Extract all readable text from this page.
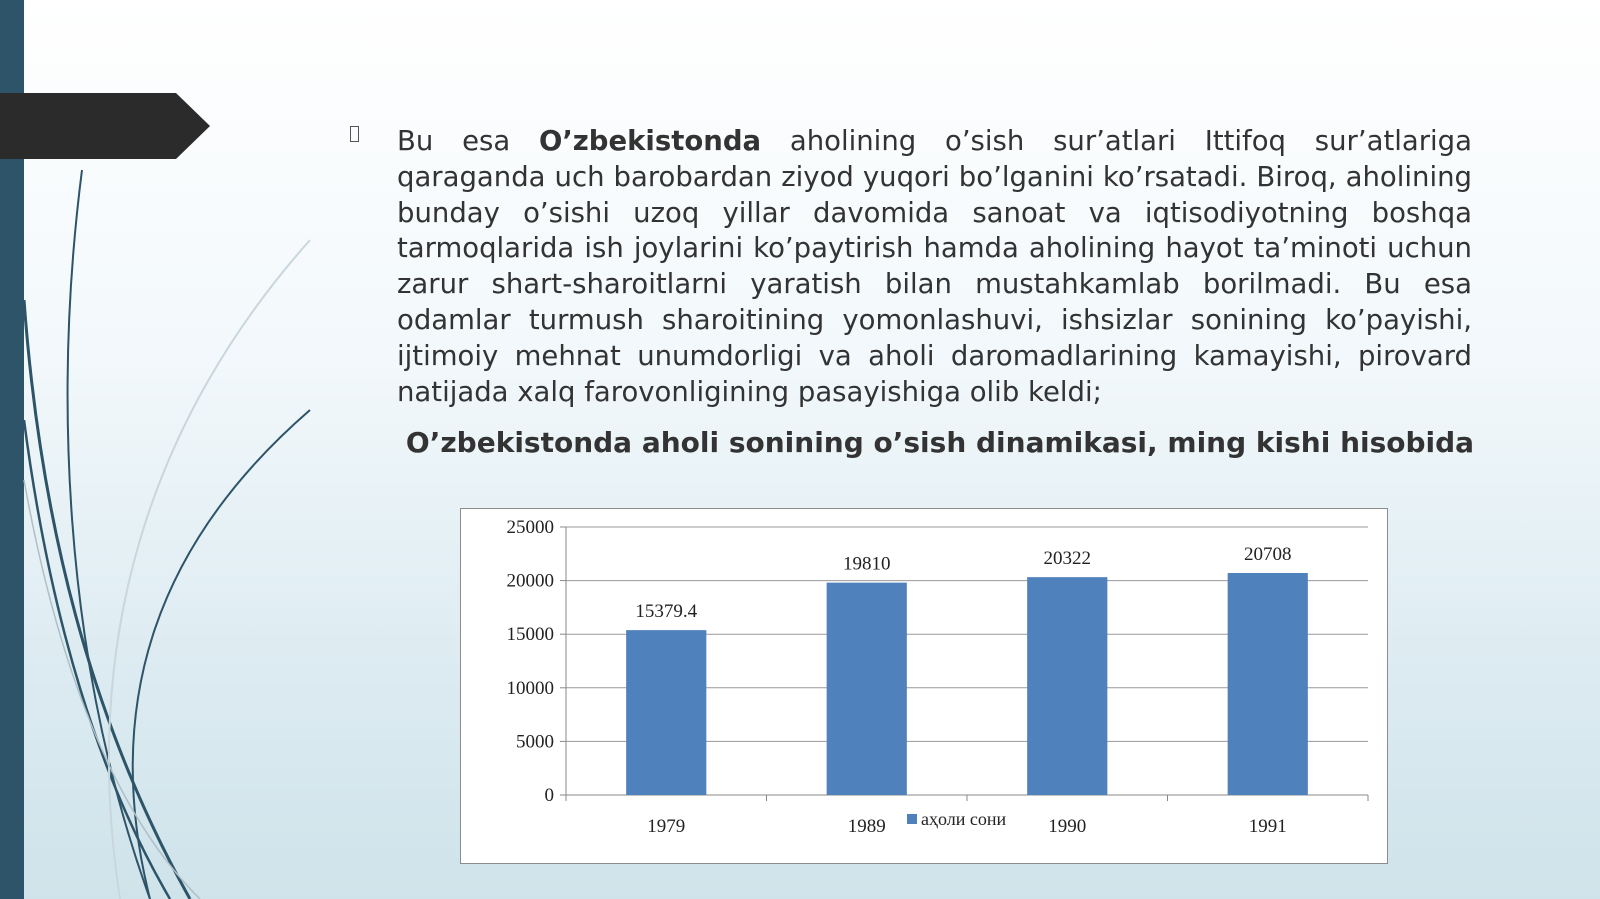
Bu esa O’zbekistonda aholining o’sish sur’atlari Ittifoq sur’atlariga qaraganda uch barobardan ziyod yuqori bo’lganini ko’rsatadi. Biroq, aholining bunday o’sishi uzoq yillar davomida sanoat va iqtisodiyotning boshqa tarmoqlarida ish joylarini ko’paytirish hamda aholining hayot ta’minoti uchun zarur shart-sharoitlarni yaratish bilan mustahkamlab borilmadi. Bu esa odamlar turmush sharoitining yomonlashuvi, ishsizlar sonining ko’payishi, ijtimoiy mehnat unumdorligi va aholi daromadlarining kamayishi, pirovard natijada xalq farovonligining pasayishiga olib keldi;

O’zbekistonda aholi sonining o’sish dinamikasi, ming kishi hisobida

0
5000
10000
15000
20000
25000
15379.4
1979
19810
1989
20322
1990
20708
1991
аҳоли сони
